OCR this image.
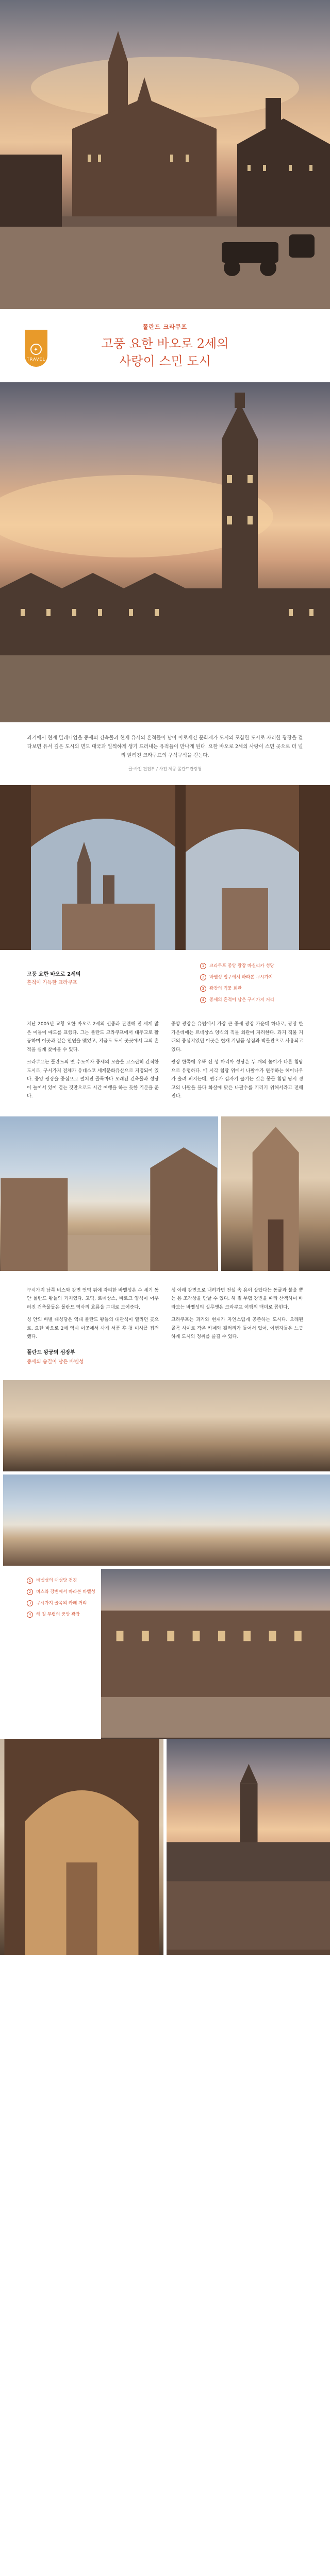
✦
TRAVEL
폴란드 크라쿠프
고풍 요한 바오로 2세의
사랑이 스민 도시

과거에서 현재 밀레니엄을 중세의 건축물과 현재 유서의 흔적들이 남아 아로새긴 문화재가 도시의 포함한 도시로 자리한 광장을 걷다보면 유서 깊은 도시의 면모 대국과 일찍하게 생기 드러내는 유적들이 만나게 된다. 요한 바오로 2세의 사랑이 스민 곳으로 더 널리 알려진 크라쿠프의 구석구석을 걷는다.

글·사진 편집부 / 사진 제공 폴란드관광청

고풍 요한 바오로 2세의
흔적이 가득한 크라쿠프
1	크라쿠프 중앙 광장 바실리카 성당
2	바벨성 입구에서 바라본 구시가지
3	광장의 직물 회관
4	중세의 흔적이 남은 구시가지 거리

지난 2005년 교황 요한 바오로 2세의 선종과 관련해 전 세계 많은 이들이 애도를 표했다. 그는 폴란드 크라쿠프에서 대주교로 활동하며 이곳과 깊은 인연을 맺었고, 지금도 도시 곳곳에서 그의 흔적을 쉽게 찾아볼 수 있다.

크라쿠프는 폴란드의 옛 수도이자 중세의 모습을 고스란히 간직한 도시로, 구시가지 전체가 유네스코 세계문화유산으로 지정되어 있다. 중앙 광장을 중심으로 펼쳐진 골목마다 오래된 건축물과 성당이 늘어서 있어 걷는 것만으로도 시간 여행을 하는 듯한 기분을 준다.

중앙 광장은 유럽에서 가장 큰 중세 광장 가운데 하나로, 광장 한가운데에는 르네상스 양식의 직물 회관이 자리한다. 과거 직물 거래의 중심지였던 이곳은 현재 기념품 상점과 박물관으로 사용되고 있다.

광장 한쪽에 우뚝 선 성 마리아 성당은 두 개의 높이가 다른 첨탑으로 유명하다. 매 시각 첨탑 위에서 나팔수가 연주하는 헤이나우가 울려 퍼지는데, 연주가 갑자기 끊기는 것은 몽골 침입 당시 경고의 나팔을 불다 화살에 맞은 나팔수를 기리기 위해서라고 전해진다.

구시가지 남쪽 비스와 강변 언덕 위에 자리한 바벨성은 수 세기 동안 폴란드 왕들의 거처였다. 고딕, 르네상스, 바로크 양식이 어우러진 건축물들은 폴란드 역사의 흐름을 그대로 보여준다.

성 안의 바벨 대성당은 역대 폴란드 왕들의 대관식이 열리던 곳으로, 요한 바오로 2세 역시 이곳에서 사제 서품 후 첫 미사를 집전했다.

폴란드 왕궁의 심장부
중세의 숨결이 남은 바벨성

성 아래 강변으로 내려가면 전설 속 용이 살았다는 동굴과 불을 뿜는 용 조각상을 만날 수 있다. 해 질 무렵 강변을 따라 산책하며 바라보는 바벨성의 실루엣은 크라쿠프 여행의 백미로 꼽힌다.

크라쿠프는 과거와 현재가 자연스럽게 공존하는 도시다. 오래된 골목 사이로 작은 카페와 갤러리가 들어서 있어, 여행자들은 느긋하게 도시의 정취를 즐길 수 있다.

1	바벨성의 대성당 전경
2	비스와 강변에서 바라본 바벨성
3	구시가지 골목의 카페 거리
4	해 질 무렵의 중앙 광장
